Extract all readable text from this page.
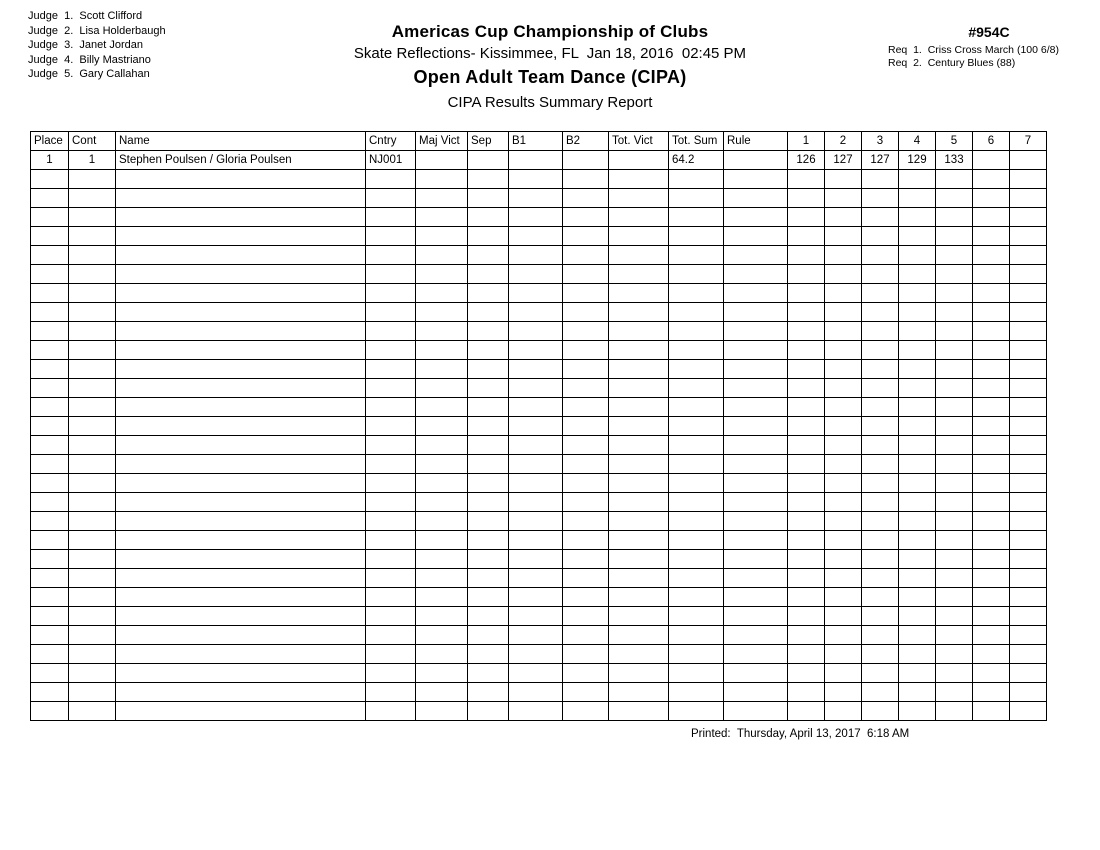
Judge  1.  Scott Clifford
Judge  2.  Lisa Holderbaugh
Judge  3.  Janet Jordan
Judge  4.  Billy Mastriano
Judge  5.  Gary Callahan
Americas Cup Championship of Clubs
Skate Reflections- Kissimmee, FL  Jan 18, 2016  02:45 PM
Open Adult Team Dance (CIPA)
CIPA Results Summary Report
#954C
Req  1.  Criss Cross March (100 6/8)
Req  2.  Century Blues (88)
Place	Cont	Name	Cntry	Maj Vict	Sep	B1	B2	Tot. Vict	Tot. Sum	Rule	1	2	3	4	5	6	7
1	1	Stephen Poulsen / Gloria Poulsen	NJ001						64.2		126	127	127	129	133		

Printed:  Thursday, April 13, 2017  6:18 AM
